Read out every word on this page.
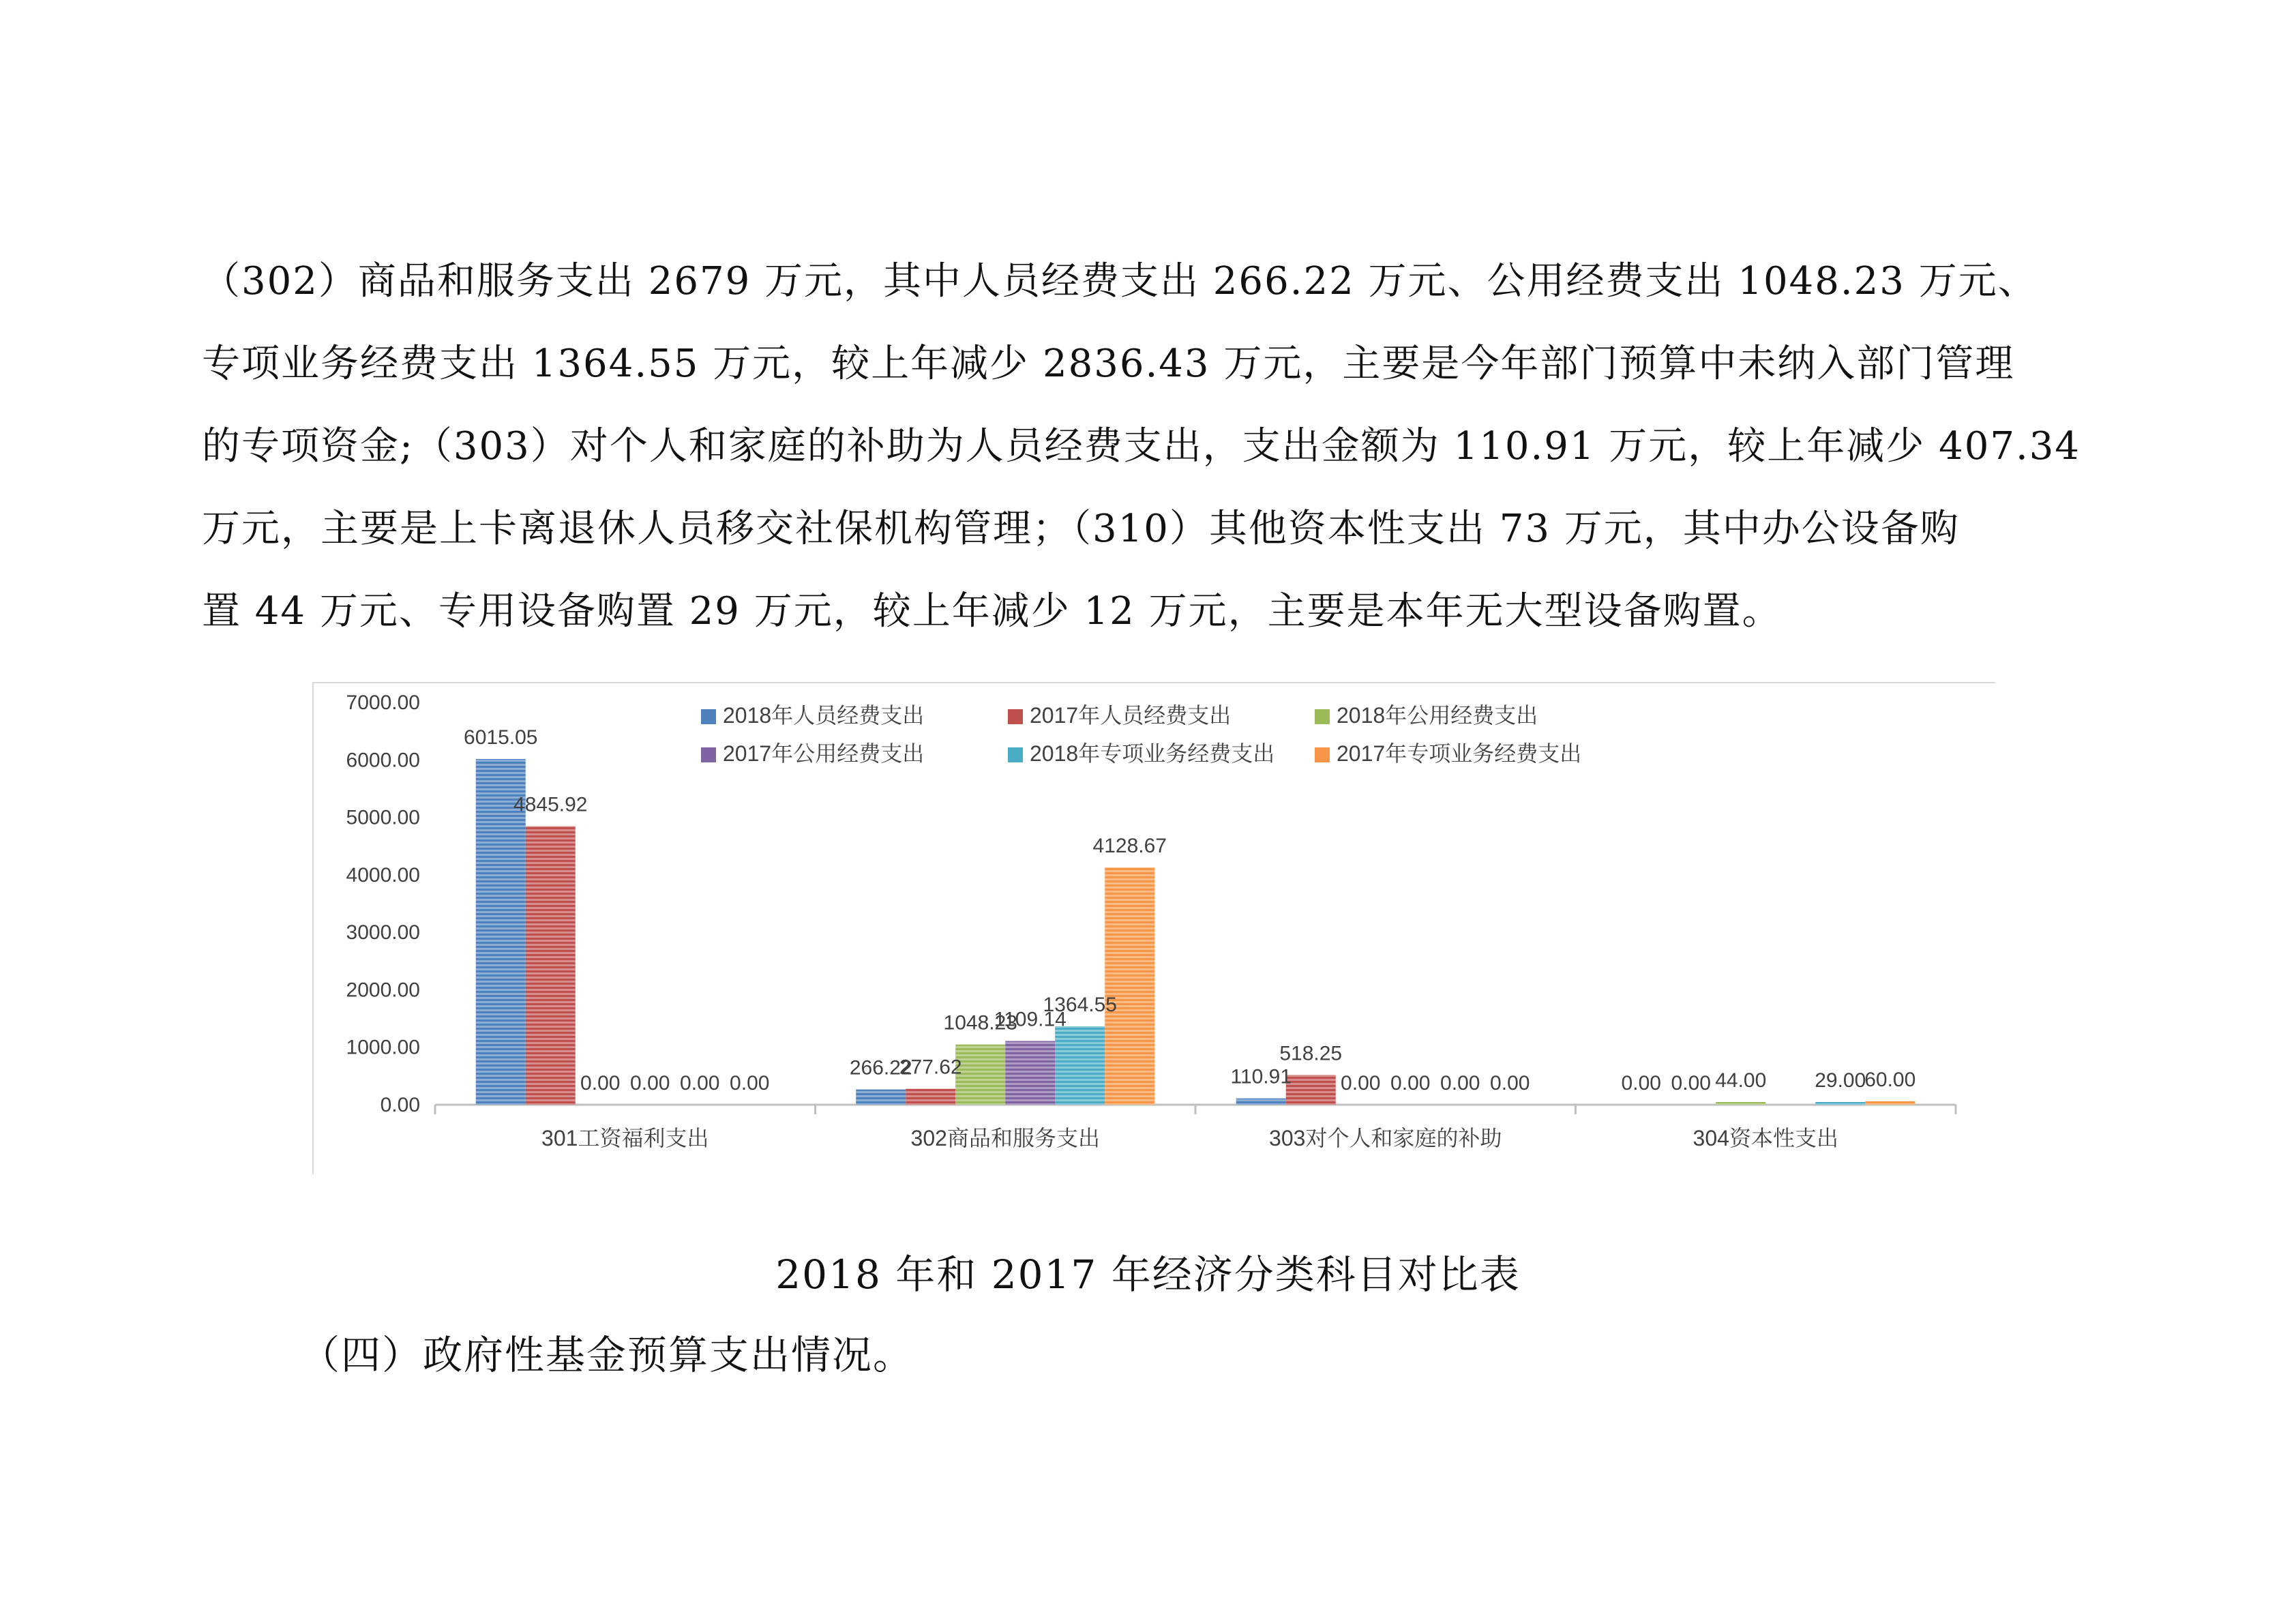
（302）商品和服务支出 2679 万元，其中人员经费支出 266.22 万元、公用经费支出 1048.23 万元、
专项业务经费支出 1364.55 万元，较上年减少 2836.43 万元，主要是今年部门预算中未纳入部门管理
的专项资金;（303）对个人和家庭的补助为人员经费支出，支出金额为 110.91 万元，较上年减少 407.34
万元，主要是上卡离退休人员移交社保机构管理；（310）其他资本性支出 73 万元，其中办公设备购
置 44 万元、专用设备购置 29 万元，较上年减少 12 万元，主要是本年无大型设备购置。
0.00
1000.00
2000.00
3000.00
4000.00
5000.00
6000.00
7000.00
301工资福利支出	302商品和服务支出	303对个人和家庭的补助	304资本性支出
6015.05
266.22	110.91	0.00
4845.92
277.62
518.25
0.00
0.00
1048.23
0.00	44.00
0.00
1109.14
0.00
0.00
1364.55
0.00	29.00
0.00
4128.67
0.00	60.00
2018年人员经费支出	2017年人员经费支出	2018年公用经费支出
2017年公用经费支出	2018年专项业务经费支出	2017年专项业务经费支出
2018 年和 2017 年经济分类科目对比表
（四）政府性基金预算支出情况。
